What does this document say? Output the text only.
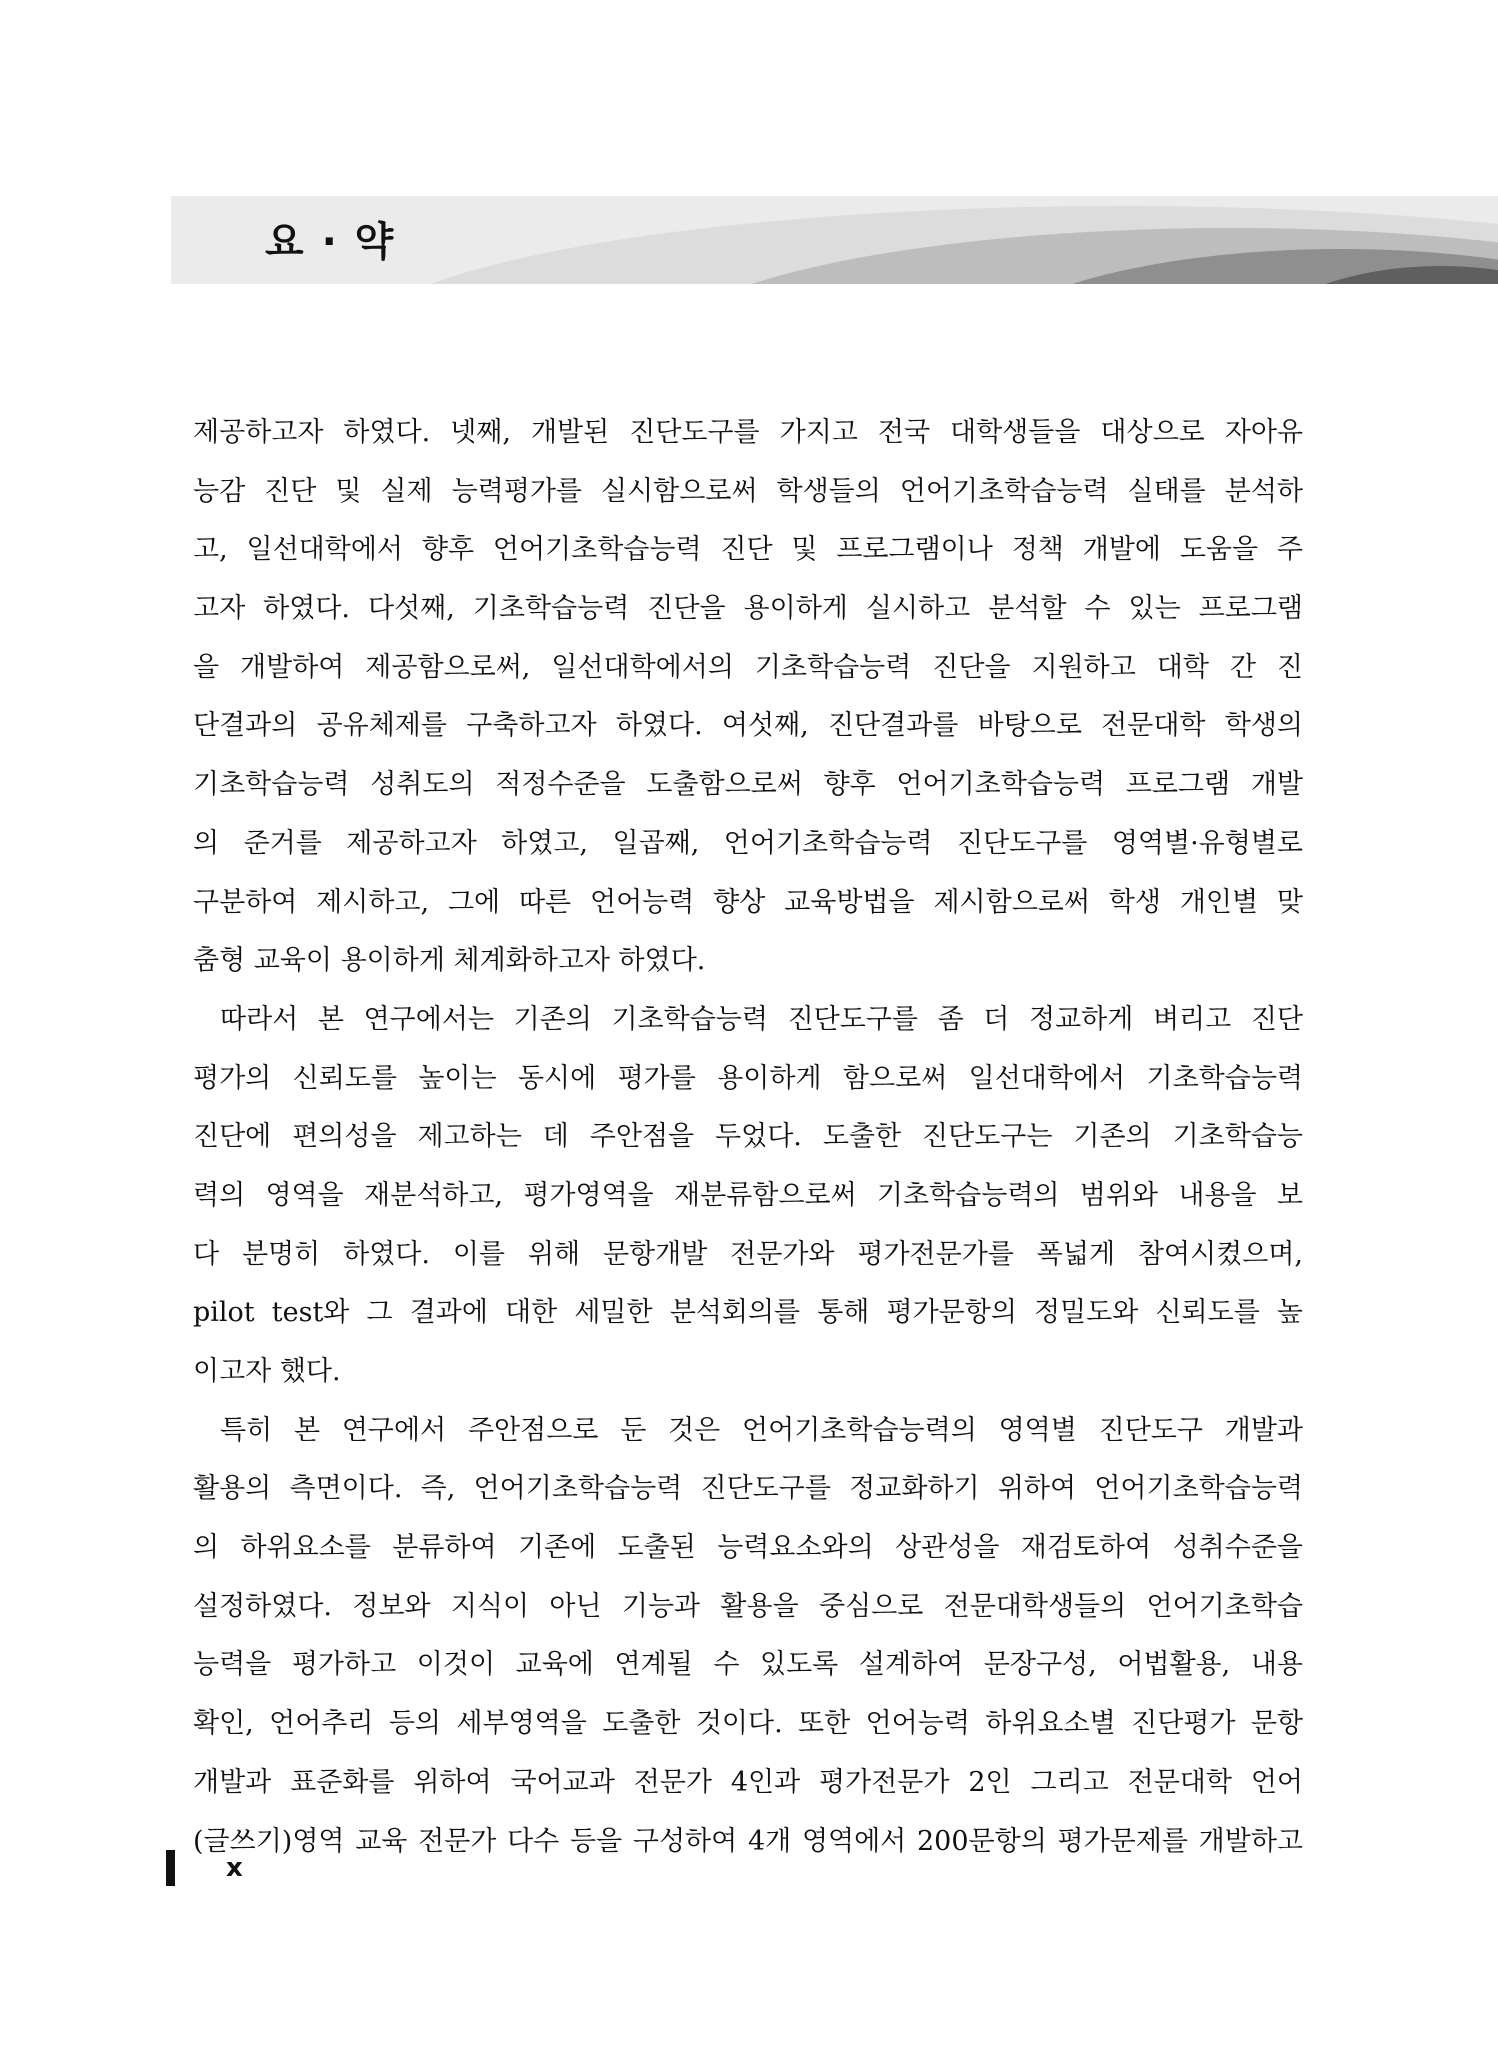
요 · 약
제공하고자 하였다. 넷째, 개발된 진단도구를 가지고 전국 대학생들을 대상으로 자아유
능감 진단 및 실제 능력평가를 실시함으로써 학생들의 언어기초학습능력 실태를 분석하
고, 일선대학에서 향후 언어기초학습능력 진단 및 프로그램이나 정책 개발에 도움을 주
고자 하였다. 다섯째, 기초학습능력 진단을 용이하게 실시하고 분석할 수 있는 프로그램
을 개발하여 제공함으로써, 일선대학에서의 기초학습능력 진단을 지원하고 대학 간 진
단결과의 공유체제를 구축하고자 하였다. 여섯째, 진단결과를 바탕으로 전문대학 학생의
기초학습능력 성취도의 적정수준을 도출함으로써 향후 언어기초학습능력 프로그램 개발
의 준거를 제공하고자 하였고, 일곱째, 언어기초학습능력 진단도구를 영역별·유형별로
구분하여 제시하고, 그에 따른 언어능력 향상 교육방법을 제시함으로써 학생 개인별 맞
춤형 교육이 용이하게 체계화하고자 하였다.
따라서 본 연구에서는 기존의 기초학습능력 진단도구를 좀 더 정교하게 벼리고 진단
평가의 신뢰도를 높이는 동시에 평가를 용이하게 함으로써 일선대학에서 기초학습능력
진단에 편의성을 제고하는 데 주안점을 두었다. 도출한 진단도구는 기존의 기초학습능
력의 영역을 재분석하고, 평가영역을 재분류함으로써 기초학습능력의 범위와 내용을 보
다 분명히 하였다. 이를 위해 문항개발 전문가와 평가전문가를 폭넓게 참여시켰으며,
pilot test와 그 결과에 대한 세밀한 분석회의를 통해 평가문항의 정밀도와 신뢰도를 높
이고자 했다.
특히 본 연구에서 주안점으로 둔 것은 언어기초학습능력의 영역별 진단도구 개발과
활용의 측면이다. 즉, 언어기초학습능력 진단도구를 정교화하기 위하여 언어기초학습능력
의 하위요소를 분류하여 기존에 도출된 능력요소와의 상관성을 재검토하여 성취수준을
설정하였다. 정보와 지식이 아닌 기능과 활용을 중심으로 전문대학생들의 언어기초학습
능력을 평가하고 이것이 교육에 연계될 수 있도록 설계하여 문장구성, 어법활용, 내용
확인, 언어추리 등의 세부영역을 도출한 것이다. 또한 언어능력 하위요소별 진단평가 문항
개발과 표준화를 위하여 국어교과 전문가 4인과 평가전문가 2인 그리고 전문대학 언어
(글쓰기)영역 교육 전문가 다수 등을 구성하여 4개 영역에서 200문항의 평가문제를 개발하고
x
